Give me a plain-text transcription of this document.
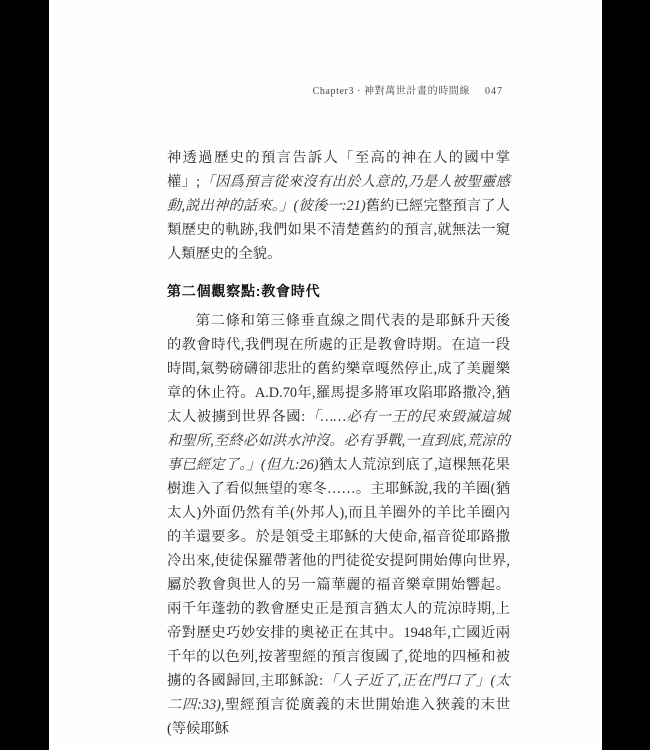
Chapter3 · 神對萬世計畫的時間線 047

神透過歷史的預言告訴人「至高的神在人的國中掌權」;「因爲預言從來沒有出於人意的,乃是人被聖靈感動,説出神的話來。」(彼後一:21)舊約已經完整預言了人類歷史的軌跡,我們如果不清楚舊約的預言,就無法一窺人類歷史的全貌。

第二個觀察點:教會時代

第二條和第三條垂直線之間代表的是耶穌升天後的教會時代,我們現在所處的正是教會時期。在這一段時間,氣勢磅礴卻悲壯的舊約樂章嘎然停止,成了美麗樂章的休止符。A.D.70年,羅馬提多將軍攻陷耶路撒冷,猶太人被擄到世界各國:「……必有一王的民來毀滅這城和聖所,至終必如洪水沖沒。必有爭戰,一直到底,荒涼的事已經定了。」(但九:26)猶太人荒涼到底了,這棵無花果樹進入了看似無望的寒冬……。主耶穌說,我的羊圈(猶太人)外面仍然有羊(外邦人),而且羊圈外的羊比羊圈內的羊還要多。於是領受主耶穌的大使命,福音從耶路撒冷出來,使徒保羅帶著他的門徒從安提阿開始傳向世界,屬於教會與世人的另一篇華麗的福音樂章開始響起。兩千年蓬勃的教會歷史正是預言猶太人的荒涼時期,上帝對歷史巧妙安排的奧祕正在其中。1948年,亡國近兩千年的以色列,按著聖經的預言復國了,從地的四極和被擄的各國歸回,主耶穌說:「人子近了,正在門口了」(太二四:33),聖經預言從廣義的末世開始進入狹義的末世(等候耶穌
